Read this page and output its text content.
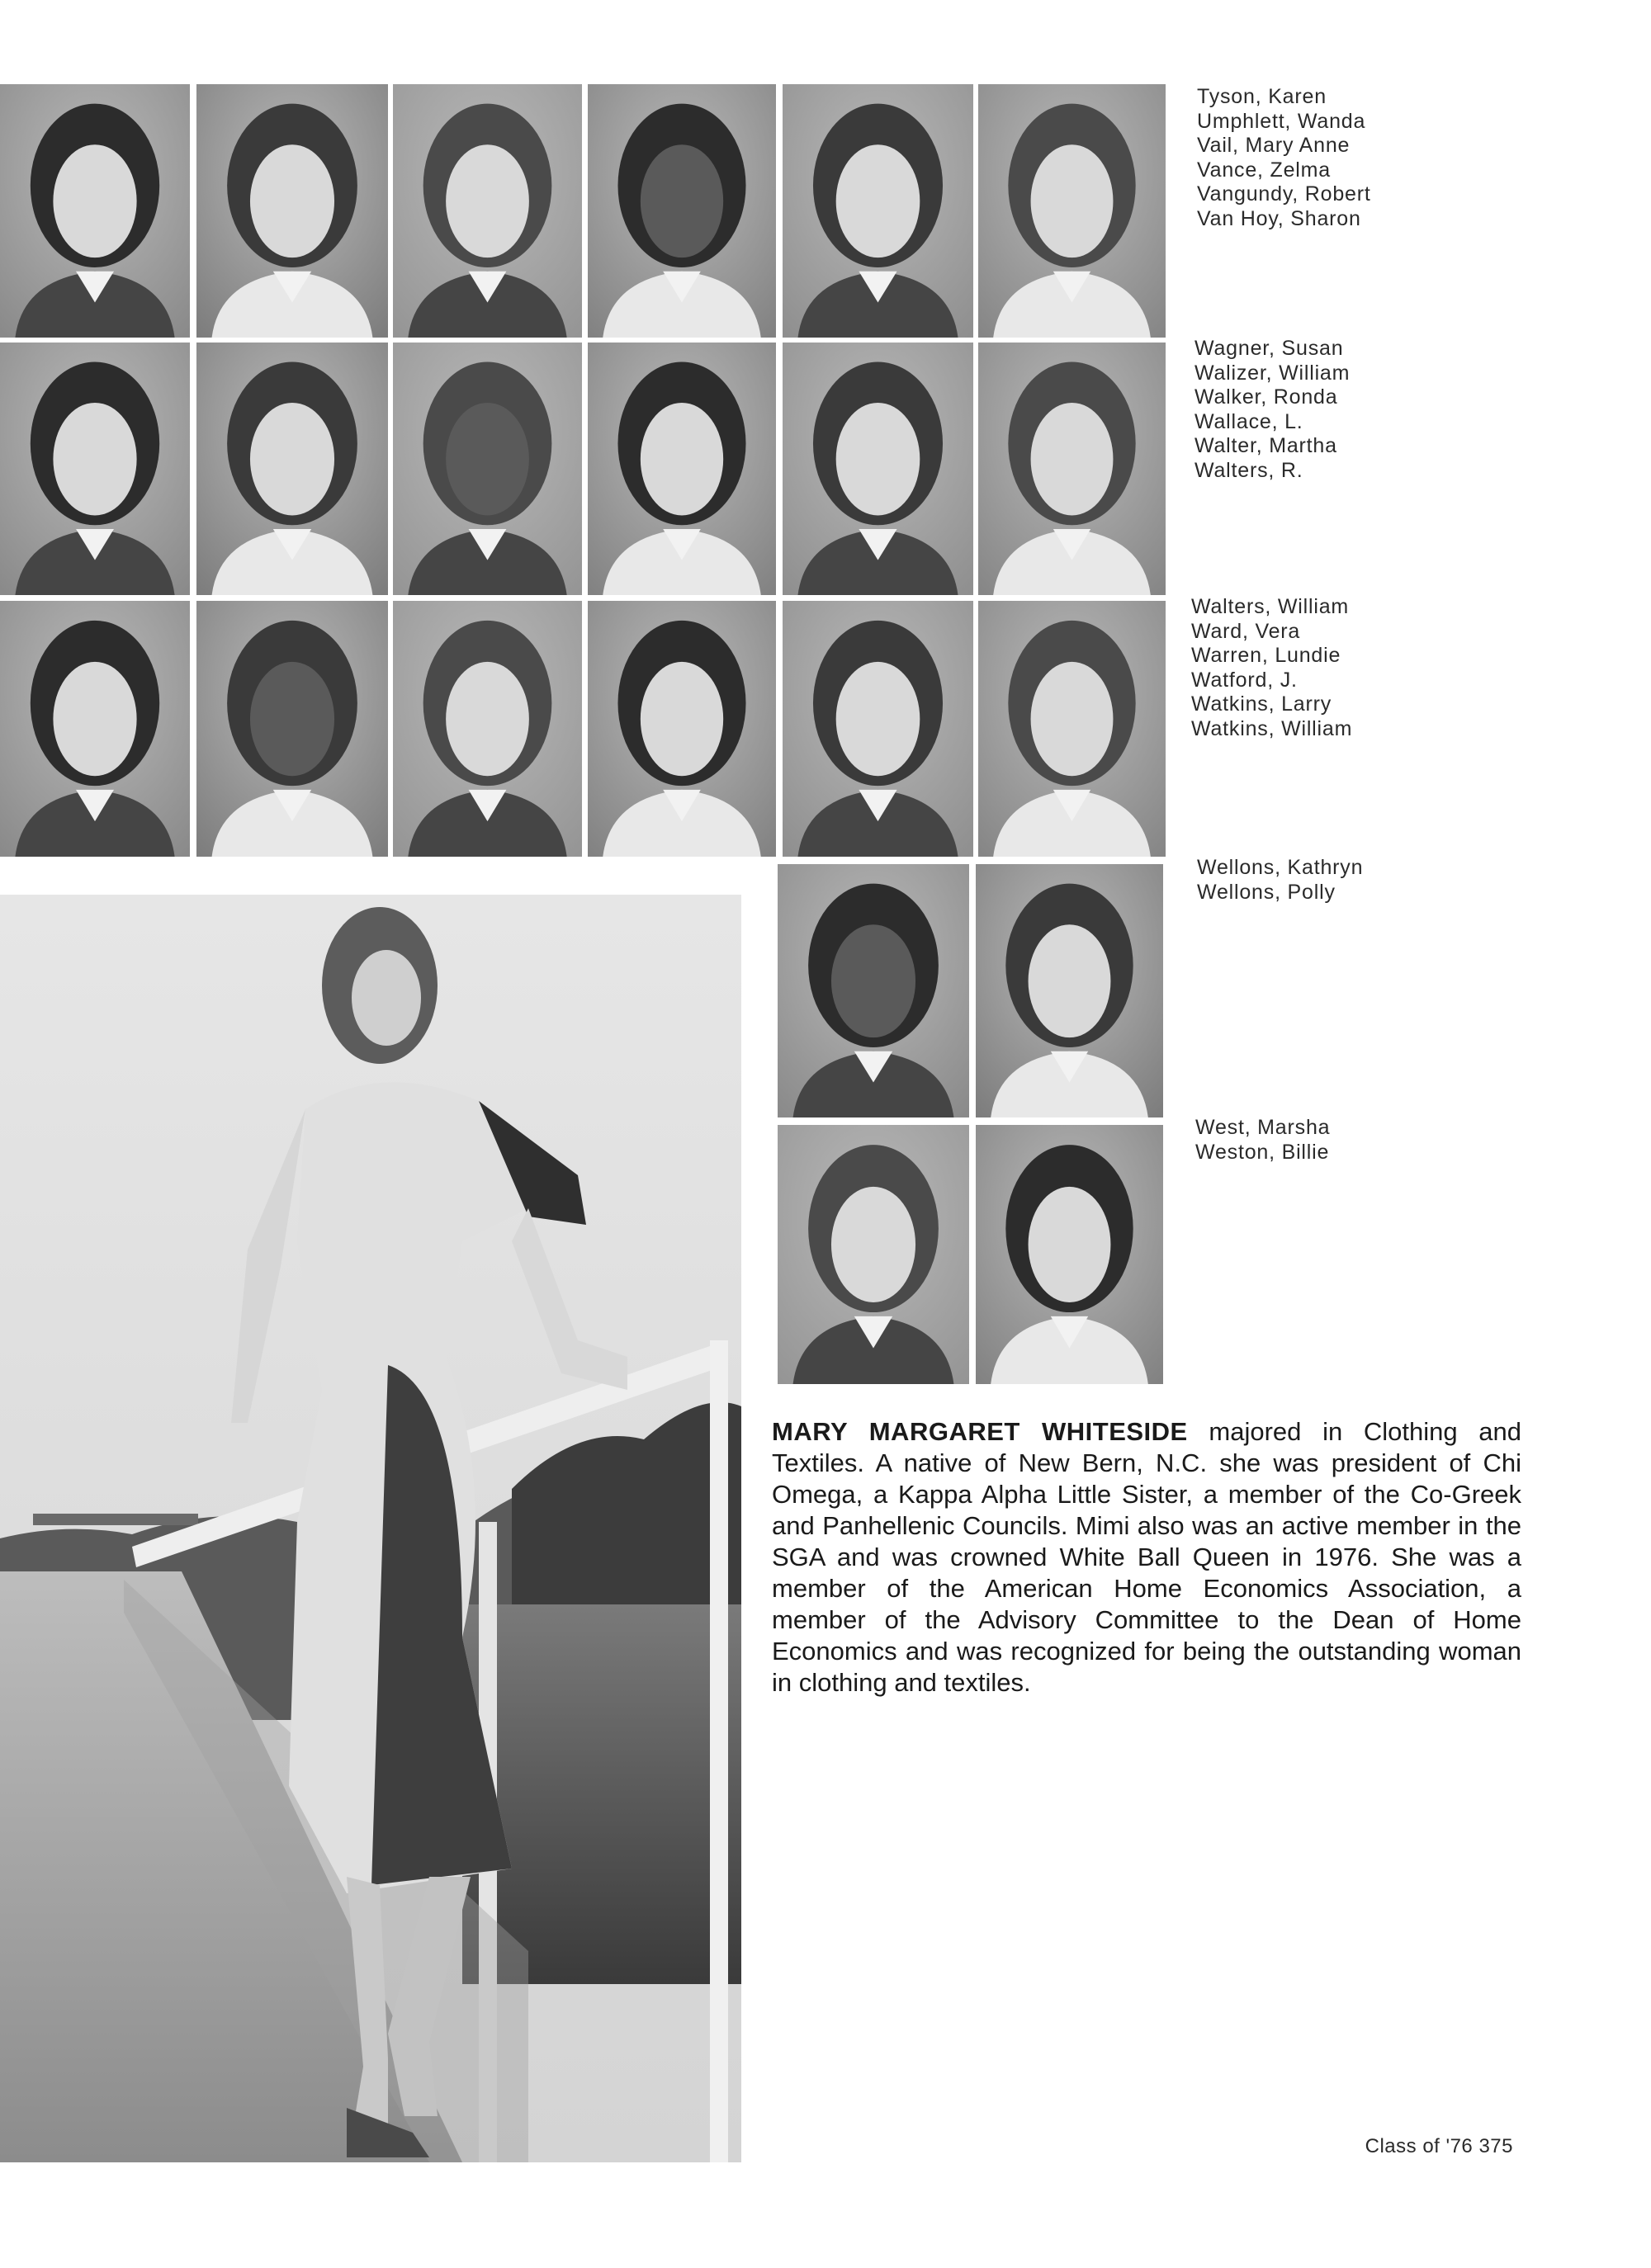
Tyson, Karen
Umphlett, Wanda
Vail, Mary Anne
Vance, Zelma
Vangundy, Robert
Van Hoy, Sharon
Wagner, Susan
Walizer, William
Walker, Ronda
Wallace, L.
Walter, Martha
Walters, R.
Walters, William
Ward, Vera
Warren, Lundie
Watford, J.
Watkins, Larry
Watkins, William
Wellons, Kathryn
Wellons, Polly
West, Marsha
Weston, Billie
MARY MARGARET WHITESIDE majored in Clothing and Textiles. A native of New Bern, N.C. she was president of Chi Omega, a Kappa Alpha Little Sister, a member of the Co-Greek and Panhellenic Councils. Mimi also was an active member in the SGA and was crowned White Ball Queen in 1976. She was a member of the American Home Economics Association, a member of the Advisory Committee to the Dean of Home Economics and was recognized for being the outstanding woman in clothing and textiles.
Class of '76 375
